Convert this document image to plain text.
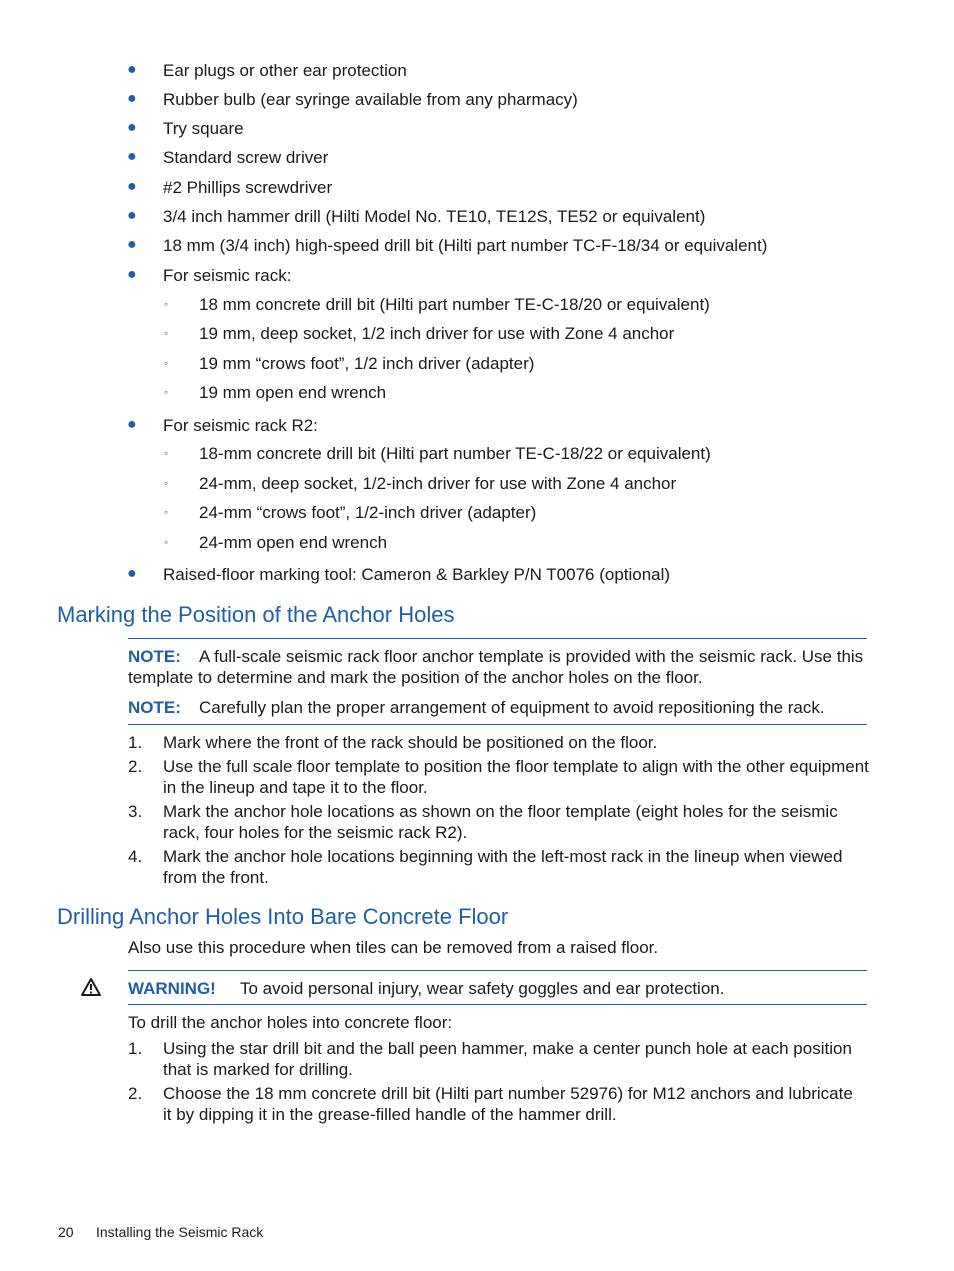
● Ear plugs or other ear protection
● Rubber bulb (ear syringe available from any pharmacy)
● Try square
● Standard screw driver
● #2 Phillips screwdriver
● 3/4 inch hammer drill (Hilti Model No. TE10, TE12S, TE52 or equivalent)
● 18 mm (3/4 inch) high-speed drill bit (Hilti part number TC-F-18/34 or equivalent)
● For seismic rack:
◦ 18 mm concrete drill bit (Hilti part number TE-C-18/20 or equivalent)
◦ 19 mm, deep socket, 1/2 inch driver for use with Zone 4 anchor
◦ 19 mm “crows foot”, 1/2 inch driver (adapter)
◦ 19 mm open end wrench
● For seismic rack R2:
◦ 18-mm concrete drill bit (Hilti part number TE-C-18/22 or equivalent)
◦ 24-mm, deep socket, 1/2-inch driver for use with Zone 4 anchor
◦ 24-mm “crows foot”, 1/2-inch driver (adapter)
◦ 24-mm open end wrench
● Raised-floor marking tool: Cameron & Barkley P/N T0076 (optional)
Marking the Position of the Anchor Holes
NOTE: A full-scale seismic rack floor anchor template is provided with the seismic rack. Use this
template to determine and mark the position of the anchor holes on the floor.
NOTE: Carefully plan the proper arrangement of equipment to avoid repositioning the rack.
1. Mark where the front of the rack should be positioned on the floor.
2. Use the full scale floor template to position the floor template to align with the other equipment
in the lineup and tape it to the floor.
3. Mark the anchor hole locations as shown on the floor template (eight holes for the seismic
rack, four holes for the seismic rack R2).
4. Mark the anchor hole locations beginning with the left-most rack in the lineup when viewed
from the front.
Drilling Anchor Holes Into Bare Concrete Floor
Also use this procedure when tiles can be removed from a raised floor.
WARNING! To avoid personal injury, wear safety goggles and ear protection.
To drill the anchor holes into concrete floor:
1. Using the star drill bit and the ball peen hammer, make a center punch hole at each position
that is marked for drilling.
2. Choose the 18 mm concrete drill bit (Hilti part number 52976) for M12 anchors and lubricate
it by dipping it in the grease-filled handle of the hammer drill.
20 Installing the Seismic Rack
